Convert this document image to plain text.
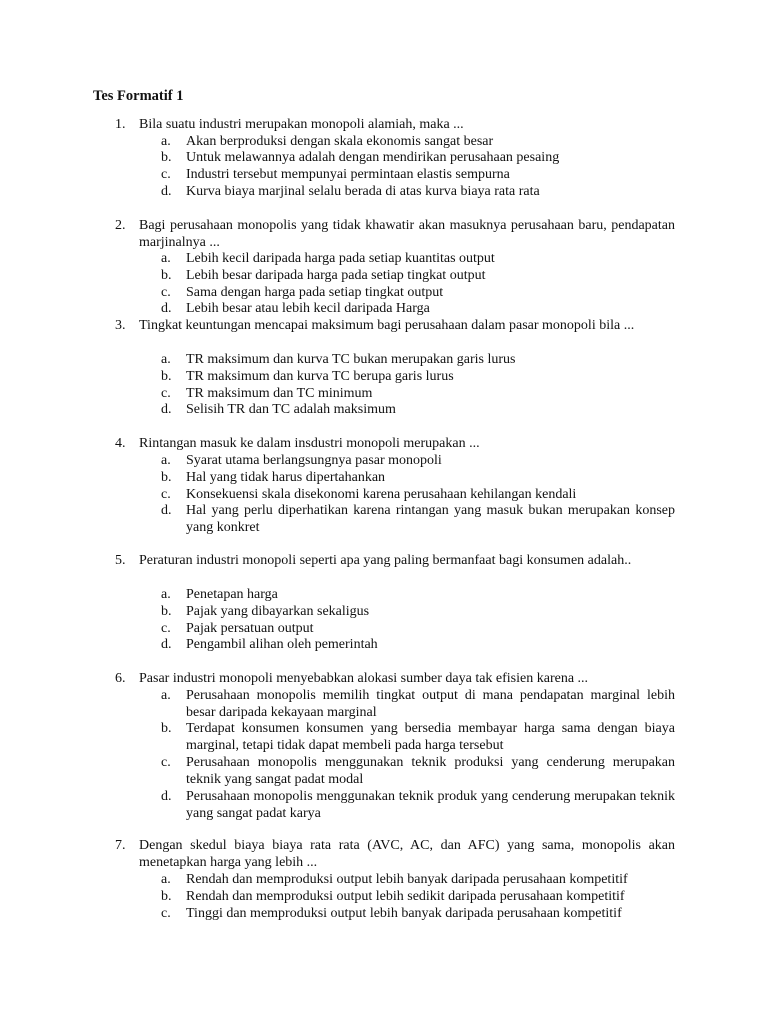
Tes Formatif 1
1. Bila suatu industri merupakan monopoli alamiah, maka ...
a.	Akan berproduksi dengan skala ekonomis sangat besar
b.	Untuk melawannya adalah dengan mendirikan perusahaan pesaing
c.	Industri tersebut mempunyai permintaan elastis sempurna
d.	Kurva biaya marjinal selalu berada di atas kurva biaya rata rata
2. Bagi perusahaan monopolis yang tidak khawatir akan masuknya perusahaan baru, pendapatan marjinalnya ...
a.	Lebih kecil daripada harga pada setiap kuantitas output
b.	Lebih besar daripada harga pada setiap tingkat output
c.	Sama dengan harga pada setiap tingkat output
d.	Lebih besar atau lebih kecil daripada Harga
3. Tingkat keuntungan mencapai maksimum bagi perusahaan dalam pasar monopoli bila ...
a.	TR maksimum dan kurva TC bukan merupakan garis lurus
b.	TR maksimum dan kurva TC berupa garis lurus
c.	TR maksimum dan TC minimum
d.	Selisih TR dan TC adalah maksimum
4. Rintangan masuk ke dalam insdustri monopoli merupakan ...
a.	Syarat utama berlangsungnya pasar monopoli
b.	Hal yang tidak harus dipertahankan
c.	Konsekuensi skala disekonomi karena perusahaan kehilangan kendali
d.	Hal yang perlu diperhatikan karena rintangan yang masuk bukan merupakan konsep yang konkret
5. Peraturan industri monopoli seperti apa yang paling bermanfaat bagi konsumen adalah..
a.	Penetapan harga
b.	Pajak yang dibayarkan sekaligus
c.	Pajak persatuan output
d.	Pengambil alihan oleh pemerintah
6. Pasar industri monopoli menyebabkan alokasi sumber daya tak efisien karena ...
a.	Perusahaan monopolis memilih tingkat output di mana pendapatan marginal lebih besar daripada kekayaan marginal
b.	Terdapat konsumen konsumen yang bersedia membayar harga sama dengan biaya marginal, tetapi tidak dapat membeli pada harga tersebut
c.	Perusahaan monopolis menggunakan teknik produksi yang cenderung merupakan teknik yang sangat padat modal
d.	Perusahaan monopolis menggunakan teknik produk yang cenderung merupakan teknik yang sangat padat karya
7. Dengan skedul biaya biaya rata rata (AVC, AC, dan AFC) yang sama, monopolis akan menetapkan harga yang lebih ...
a.	Rendah dan memproduksi output lebih banyak daripada perusahaan kompetitif
b.	Rendah dan memproduksi output lebih sedikit daripada perusahaan kompetitif
c.	Tinggi dan memproduksi output lebih banyak daripada perusahaan kompetitif
